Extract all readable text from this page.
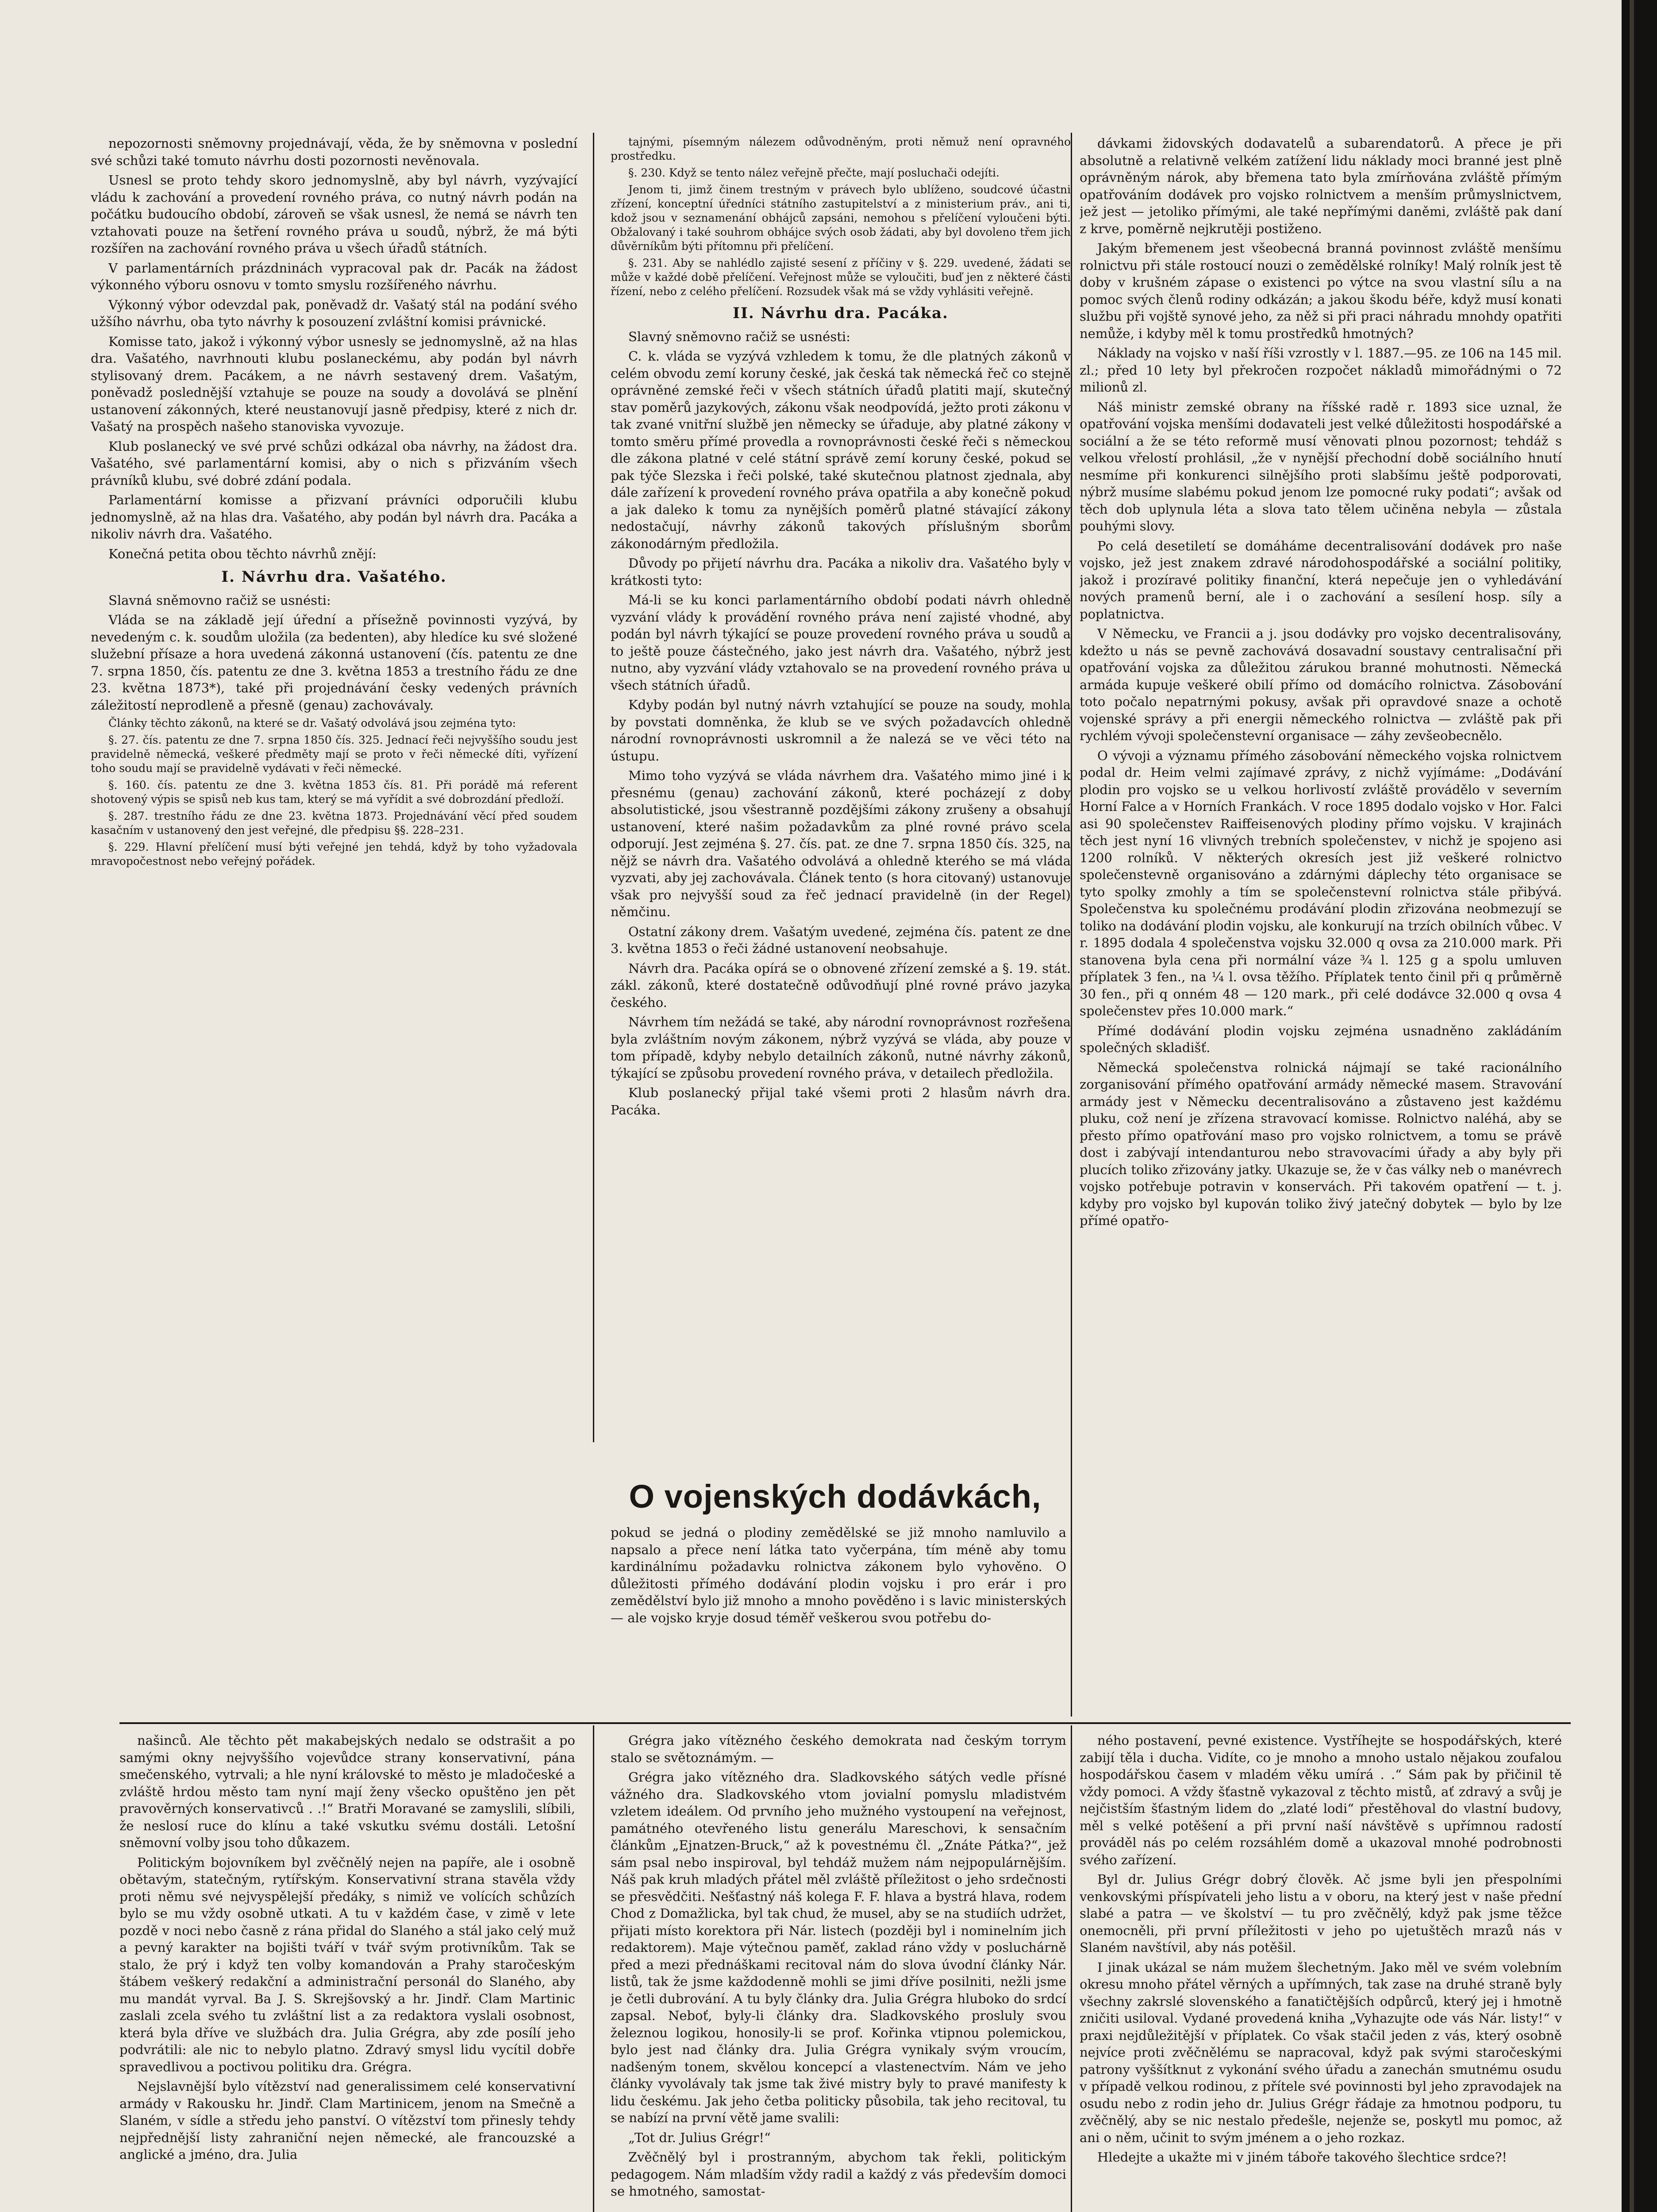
nepozornosti sněmovny projednávají, věda, že by sněmovna v poslední své schůzi také tomuto návrhu dosti pozornosti nevěnovala.

Usnesl se proto tehdy skoro jednomyslně, aby byl návrh, vyzývající vládu k zachování a provedení rovného práva, co nutný návrh podán na počátku budoucího období, zároveň se však usnesl, že nemá se návrh ten vztahovati pouze na šetření rovného práva u soudů, nýbrž, že má býti rozšířen na zachování rovného práva u všech úřadů státních.

V parlamentárních prázdninách vypracoval pak dr. Pacák na žádost výkonného výboru osnovu v tomto smyslu rozšířeného návrhu.

Výkonný výbor odevzdal pak, poněvadž dr. Vašatý stál na podání svého užšího návrhu, oba tyto návrhy k posouzení zvláštní komisi právnické.

Komisse tato, jakož i výkonný výbor usnesly se jednomyslně, až na hlas dra. Vašatého, navrhnouti klubu poslaneckému, aby podán byl návrh stylisovaný drem. Pacákem, a ne návrh sestavený drem. Vašatým, poněvadž poslednější vztahuje se pouze na soudy a dovolává se plnění ustanovení zákonných, které neustanovují jasně předpisy, které z nich dr. Vašatý na prospěch našeho stanoviska vyvozuje.

Klub poslanecký ve své prvé schůzi odkázal oba návrhy, na žádost dra. Vašatého, své parlamentární komisi, aby o nich s přizváním všech právníků klubu, své dobré zdání podala.

Parlamentární komisse a přizvaní právníci odporučili klubu jednomyslně, až na hlas dra. Vašatého, aby podán byl návrh dra. Pacáka a nikoliv návrh dra. Vašatého.

Konečná petita obou těchto návrhů znějí:

I. Návrhu dra. Vašatého.

Slavná sněmovno račiž se usnésti:

Vláda se na základě její úřední a přísežně povinnosti vyzývá, by nevedeným c. k. soudům uložila (za bedenten), aby hledíce ku své složené služební přísaze a hora uvedená zákonná ustanovení (čís. patentu ze dne 7. srpna 1850, čís. patentu ze dne 3. května 1853 a trestního řádu ze dne 23. května 1873*), také při projednávání česky vedených právních záležitostí neprodleně a přesně (genau) zachovávaly.

Články těchto zákonů, na které se dr. Vašatý odvolává jsou zejména tyto:

§. 27. čís. patentu ze dne 7. srpna 1850 čís. 325. Jednací řeči nejvyššího soudu jest pravidelně německá, veškeré předměty mají se proto v řeči německé díti, vyřízení toho soudu mají se pravidelně vydávati v řeči německé.

§. 160. čís. patentu ze dne 3. května 1853 čís. 81. Při porádě má referent shotovený výpis se spisů neb kus tam, který se má vyřídit a své dobrozdání předloží.

§. 287. trestního řádu ze dne 23. května 1873. Projednávání věcí před soudem kasačním v ustanovený den jest veřejné, dle předpisu §§. 228–231.

§. 229. Hlavní přelíčení musí býti veřejné jen tehdá, když by toho vyžadovala mravopočestnost nebo veřejný pořádek.

tajnými, písemným nálezem odůvodněným, proti němuž není opravného prostředku.

§. 230. Když se tento nález veřejně přečte, mají posluchači odejíti.

Jenom ti, jimž činem trestným v právech bylo ublíženo, soudcové účastni zřízení, konceptní úředníci státního zastupitelství a z ministerium práv., ani ti, kdož jsou v seznamenání obhájců zapsáni, nemohou s přelíčení vyloučeni býti. Obžalovaný i také souhrom obhájce svých osob žádati, aby byl dovoleno třem jich důvěrníkům býti přítomnu při přelíčení.

§. 231. Aby se nahlédlo zajisté sesení z příčiny v §. 229. uvedené, žádati se může v každé době přelíčení. Veřejnost může se vyloučiti, buď jen z některé části řízení, nebo z celého přelíčení. Rozsudek však má se vždy vyhlásiti veřejně.

II. Návrhu dra. Pacáka.

Slavný sněmovno račiž se usnésti:

C. k. vláda se vyzývá vzhledem k tomu, že dle platných zákonů v celém obvodu zemí koruny české, jak česká tak německá řeč co stejně oprávněné zemské řeči v všech státních úřadů platiti mají, skutečný stav poměrů jazykových, zákonu však neodpovídá, ježto proti zákonu v tak zvané vnitřní službě jen německy se úřaduje, aby platné zákony v tomto směru přímé provedla a rovnoprávnosti české řeči s německou dle zákona platné v celé státní správě zemí koruny české, pokud se pak týče Slezska i řeči polské, také skutečnou platnost zjednala, aby dále zařízení k provedení rovného práva opatřila a aby konečně pokud a jak daleko k tomu za nynějších poměrů platné stávající zákony nedostačují, návrhy zákonů takových příslušným sborům zákonodárným předložila.

Důvody po přijetí návrhu dra. Pacáka a nikoliv dra. Vašatého byly v krátkosti tyto:

Má-li se ku konci parlamentárního období podati návrh ohledně vyzvání vlády k provádění rovného práva není zajisté vhodné, aby podán byl návrh týkající se pouze provedení rovného práva u soudů a to ještě pouze částečného, jako jest návrh dra. Vašatého, nýbrž jest nutno, aby vyzvání vlády vztahovalo se na provedení rovného práva u všech státních úřadů.

Kdyby podán byl nutný návrh vztahující se pouze na soudy, mohla by povstati domněnka, že klub se ve svých požadavcích ohledně národní rovnoprávnosti uskromnil a že nalezá se ve věci této na ústupu.

Mimo toho vyzývá se vláda návrhem dra. Vašatého mimo jiné i k přesnému (genau) zachování zákonů, které pocházejí z doby absolutistické, jsou všestranně pozdějšími zákony zrušeny a obsahují ustanovení, které našim požadavkům za plné rovné právo scela odporují. Jest zejména §. 27. čís. pat. ze dne 7. srpna 1850 čís. 325, na nějž se návrh dra. Vašatého odvolává a ohledně kterého se má vláda vyzvati, aby jej zachovávala. Článek tento (s hora citovaný) ustanovuje však pro nejvyšší soud za řeč jednací pravidelně (in der Regel) němčinu.

Ostatní zákony drem. Vašatým uvedené, zejména čís. patent ze dne 3. května 1853 o řeči žádné ustanovení neobsahuje.

Návrh dra. Pacáka opírá se o obnovené zřízení zemské a §. 19. stát. zákl. zákonů, které dostatečně odůvodňují plné rovné právo jazyka českého.

Návrhem tím nežádá se také, aby národní rovnoprávnost rozřešena byla zvláštním novým zákonem, nýbrž vyzývá se vláda, aby pouze v tom případě, kdyby nebylo detailních zákonů, nutné návrhy zákonů, týkající se způsobu provedení rovného práva, v detailech předložila.

Klub poslanecký přijal také všemi proti 2 hlasům návrh dra. Pacáka.

dávkami židovských dodavatelů a subarendatorů. A přece je při absolutně a relativně velkém zatížení lidu náklady moci branné jest plně oprávněným nárok, aby břemena tato byla zmírňována zvláště přímým opatřováním dodávek pro vojsko rolnictvem a menším průmyslnictvem, jež jest — jetoliko přímými, ale také nepřímými daněmi, zvláště pak daní z krve, poměrně nejkrutěji postiženo.

Jakým břemenem jest všeobecná branná povinnost zvláště menšímu rolnictvu při stále rostoucí nouzi o zemědělské rolníky! Malý rolník jest tě doby v krušném zápase o existenci po výtce na svou vlastní sílu a na pomoc svých členů rodiny odkázán; a jakou škodu béře, když musí konati službu při vojště synové jeho, za něž si při praci náhradu mnohdy opatřiti nemůže, i kdyby měl k tomu prostředků hmotných?

Náklady na vojsko v naší říši vzrostly v l. 1887.—95. ze 106 na 145 mil. zl.; před 10 lety byl překročen rozpočet nákladů mimořádnými o 72 milionů zl.

Náš ministr zemské obrany na říšské radě r. 1893 sice uznal, že opatřování vojska menšími dodavateli jest velké důležitosti hospodářské a sociální a že se této reformě musí věnovati plnou pozornost; tehdáž s velkou vřelostí prohlásil, „že v nynější přechodní době sociálního hnutí nesmíme při konkurenci silnějšího proti slabšímu ještě podporovati, nýbrž musíme slabému pokud jenom lze pomocné ruky podati“; avšak od těch dob uplynula léta a slova tato tělem učiněna nebyla — zůstala pouhými slovy.

Po celá desetiletí se domáháme decentralisování dodávek pro naše vojsko, jež jest znakem zdravé národohospodářské a sociální politiky, jakož i prozíravé politiky finanční, která nepečuje jen o vyhledávání nových pramenů berní, ale i o zachování a sesílení hosp. síly a poplatnictva.

V Německu, ve Francii a j. jsou dodávky pro vojsko decentralisovány, kdežto u nás se pevně zachovává dosavadní soustavy centralisační při opatřování vojska za důležitou zárukou branné mohutnosti. Německá armáda kupuje veškeré obilí přímo od domácího rolnictva. Zásobování toto počalo nepatrnými pokusy, avšak při opravdové snaze a ochotě vojenské správy a při energii německého rolnictva — zvláště pak při rychlém vývoji společenstevní organisace — záhy zevšeobecnělo.

O vývoji a významu přímého zásobování německého vojska rolnictvem podal dr. Heim velmi zajímavé zprávy, z nichž vyjímáme: „Dodávání plodin pro vojsko se u velkou horlivostí zvláště provádělo v severním Horní Falce a v Horních Frankách. V roce 1895 dodalo vojsko v Hor. Falci asi 90 společenstev Raiffeisenových plodiny přímo vojsku. V krajinách těch jest nyní 16 vlivných trebních společenstev, v nichž je spojeno asi 1200 rolníků. V některých okresích jest již veškeré rolnictvo společenstevně organisováno a zdárnými dáplechy této organisace se tyto spolky zmohly a tím se společenstevní rolnictva stále přibývá. Společenstva ku společnému prodávání plodin zřizována neobmezují se toliko na dodávání plodin vojsku, ale konkurují na trzích obilních vůbec. V r. 1895 dodala 4 společenstva vojsku 32.000 q ovsa za 210.000 mark. Při stanovena byla cena při normální váze ¾ l. 125 g a spolu umluven příplatek 3 fen., na ¼ l. ovsa těžího. Příplatek tento činil při q průměrně 30 fen., při q onném 48 — 120 mark., při celé dodávce 32.000 q ovsa 4 společenstev přes 10.000 mark.“

Přímé dodávání plodin vojsku zejména usnadněno zakládáním společných skladišť.

Německá společenstva rolnická nájmají se také racionálního zorganisování přímého opatřování armády německé masem. Stravování armády jest v Německu decentralisováno a zůstaveno jest každému pluku, což není je zřízena stravovací komisse. Rolnictvo naléhá, aby se přesto přímo opatřování maso pro vojsko rolnictvem, a tomu se právě dost i zabývají intendanturou nebo stravovacími úřady a aby byly při plucích toliko zřizovány jatky. Ukazuje se, že v čas války neb o manévrech vojsko potřebuje potravin v konservách. Při takovém opatření — t. j. kdyby pro vojsko byl kupován toliko živý jatečný dobytek — bylo by lze přímé opatřo-

O vojenských dodávkách,

pokud se jedná o plodiny zemědělské se již mnoho namluvilo a napsalo a přece není látka tato vyčerpána, tím méně aby tomu kardinálnímu požadavku rolnictva zákonem bylo vyhověno. O důležitosti přímého dodávání plodin vojsku i pro erár i pro zemědělství bylo již mnoho a mnoho pověděno i s lavic ministerských — ale vojsko kryje dosud téměř veškerou svou potřebu do-

našinců. Ale těchto pět makabejských nedalo se odstrašit a po samými okny nejvyššího vojevůdce strany konservativní, pána smečenského, vytrvali; a hle nyní královské to město je mladočeské a zvláště hrdou město tam nyní mají ženy všecko opuštěno jen pět pravověrných konservativců . .!“ Bratři Moravané se zamyslili, slíbili, že neslosí ruce do klínu a také vskutku svému dostáli. Letošní sněmovní volby jsou toho důkazem.

Politickým bojovníkem byl zvěčnělý nejen na papíře, ale i osobně obětavým, statečným, rytířským. Konservativní strana stavěla vždy proti němu své nejvyspělejší předáky, s nimiž ve volících schůzích bylo se mu vždy osobně utkati. A tu v každém čase, v zimě v lete pozdě v noci nebo časně z rána přidal do Slaného a stál jako celý muž a pevný karakter na bojišti tváří v tvář svým protivníkům. Tak se stalo, že prý i když ten volby komandován a Prahy staročeským štábem veškerý redakční a administrační personál do Slaného, aby mu mandát vyrval. Ba J. S. Skrejšovský a hr. Jindř. Clam Martinic zaslali zcela svého tu zvláštní list a za redaktora vyslali osobnost, která byla dříve ve službách dra. Julia Grégra, aby zde posílí jeho podvrátili: ale nic to nebylo platno. Zdravý smysl lidu vycítil dobře spravedlivou a poctivou politiku dra. Grégra.

Nejslavnější bylo vítězství nad generalissimem celé konservativní armády v Rakousku hr. Jindř. Clam Martinicem, jenom na Smečně a Slaném, v sídle a středu jeho panství. O vítězství tom přinesly tehdy nejpřednější listy zahraniční nejen německé, ale francouzské a anglické a jméno, dra. Julia

Grégra jako vítězného českého demokrata nad českým torrym stalo se světoznámým. —

Grégra jako vítězného dra. Sladkovského sátých vedle přísné vážného dra. Sladkovského vtom jovialní pomyslu mladistvém vzletem ideálem. Od prvního jeho mužného vystoupení na veřejnost, památného otevřeného listu generálu Mareschovi, k sensačním článkům „Ejnatzen-Bruck,“ až k povestnému čl. „Znáte Pátka?“, jež sám psal nebo inspiroval, byl tehdáž mužem nám nejpopulárnějším. Náš pak kruh mladých přátel měl zvláště příležitost o jeho srdečnosti se přesvědčiti. Nešťastný náš kolega F. F. hlava a bystrá hlava, rodem Chod z Domažlicka, byl tak chud, že musel, aby se na studiích udržet, přijati místo korektora při Nár. listech (později byl i nominelním jich redaktorem). Maje výtečnou paměť, zaklad ráno vždy v posluchárně před a mezi přednáškami recitoval nám do slova úvodní články Nár. listů, tak že jsme každodenně mohli se jimi dříve posilniti, nežli jsme je četli dubrování. A tu byly články dra. Julia Grégra hluboko do srdcí zapsal. Neboť, byly-li články dra. Sladkovského prosluly svou železnou logikou, honosily-li se prof. Kořinka vtipnou polemickou, bylo jest nad články dra. Julia Grégra vynikaly svým vroucím, nadšeným tonem, skvělou koncepcí a vlastenectvím. Nám ve jeho články vyvolávaly tak jsme tak živé mistry byly to pravé manifesty k lidu českému. Jak jeho četba politicky působila, tak jeho recitoval, tu se nabízí na první větě jame svalili:

„Tot dr. Julius Grégr!“

Zvěčnělý byl i prostranným, abychom tak řekli, politickým pedagogem. Nám mladším vždy radil a každý z vás především domoci se hmotného, samostat-

ného postavení, pevné existence. Vystříhejte se hospodářských, které zabijí těla i ducha. Vidíte, co je mnoho a mnoho ustalo nějakou zoufalou hospodářskou časem v mladém věku umírá . .“ Sám pak by přičinil tě vždy pomoci. A vždy šťastně vykazoval z těchto mistů, ať zdravý a svůj je nejčistším šťastným lidem do „zlaté lodi“ přestěhoval do vlastní budovy, měl s velké potěšení a při první naší návštěvě s upřímnou radostí prováděl nás po celém rozsáhlém domě a ukazoval mnohé podrobnosti svého zařízení.

Byl dr. Julius Grégr dobrý člověk. Ač jsme byli jen přespolními venkovskými příspívateli jeho listu a v oboru, na který jest v naše přední slabé a patra — ve školství — tu pro zvěčnělý, když pak jsme těžce onemocněli, při první příležitosti v jeho po ujetuštěch mrazů nás v Slaném navštívil, aby nás potěšil.

I jinak ukázal se nám mužem šlechetným. Jako měl ve svém volebním okresu mnoho přátel věrných a upřímných, tak zase na druhé straně byly všechny zakrslé slovenského a fanatičtějších odpůrců, který jej i hmotně zničiti usiloval. Vydané provedená kniha „Vyhazujte ode vás Nár. listy!“ v praxi nejdůležitější v příplatek. Co však stačil jeden z vás, který osobně nejvíce proti zvěčnělému se napracoval, když pak svými staročeskými patrony vyššítknut z vykonání svého úřadu a zanechán smutnému osudu v případě velkou rodinou, z přítele své povinnosti byl jeho zpravodajek na osudu nebo z rodin jeho dr. Julius Grégr řádaje za hmotnou podporu, tu zvěčnělý, aby se nic nestalo předešle, nejenže se, poskytl mu pomoc, až ani o něm, učinit to svým jménem a o jeho rozkaz.

Hledejte a ukažte mi v jiném táboře takového šlechtice srdce?!
